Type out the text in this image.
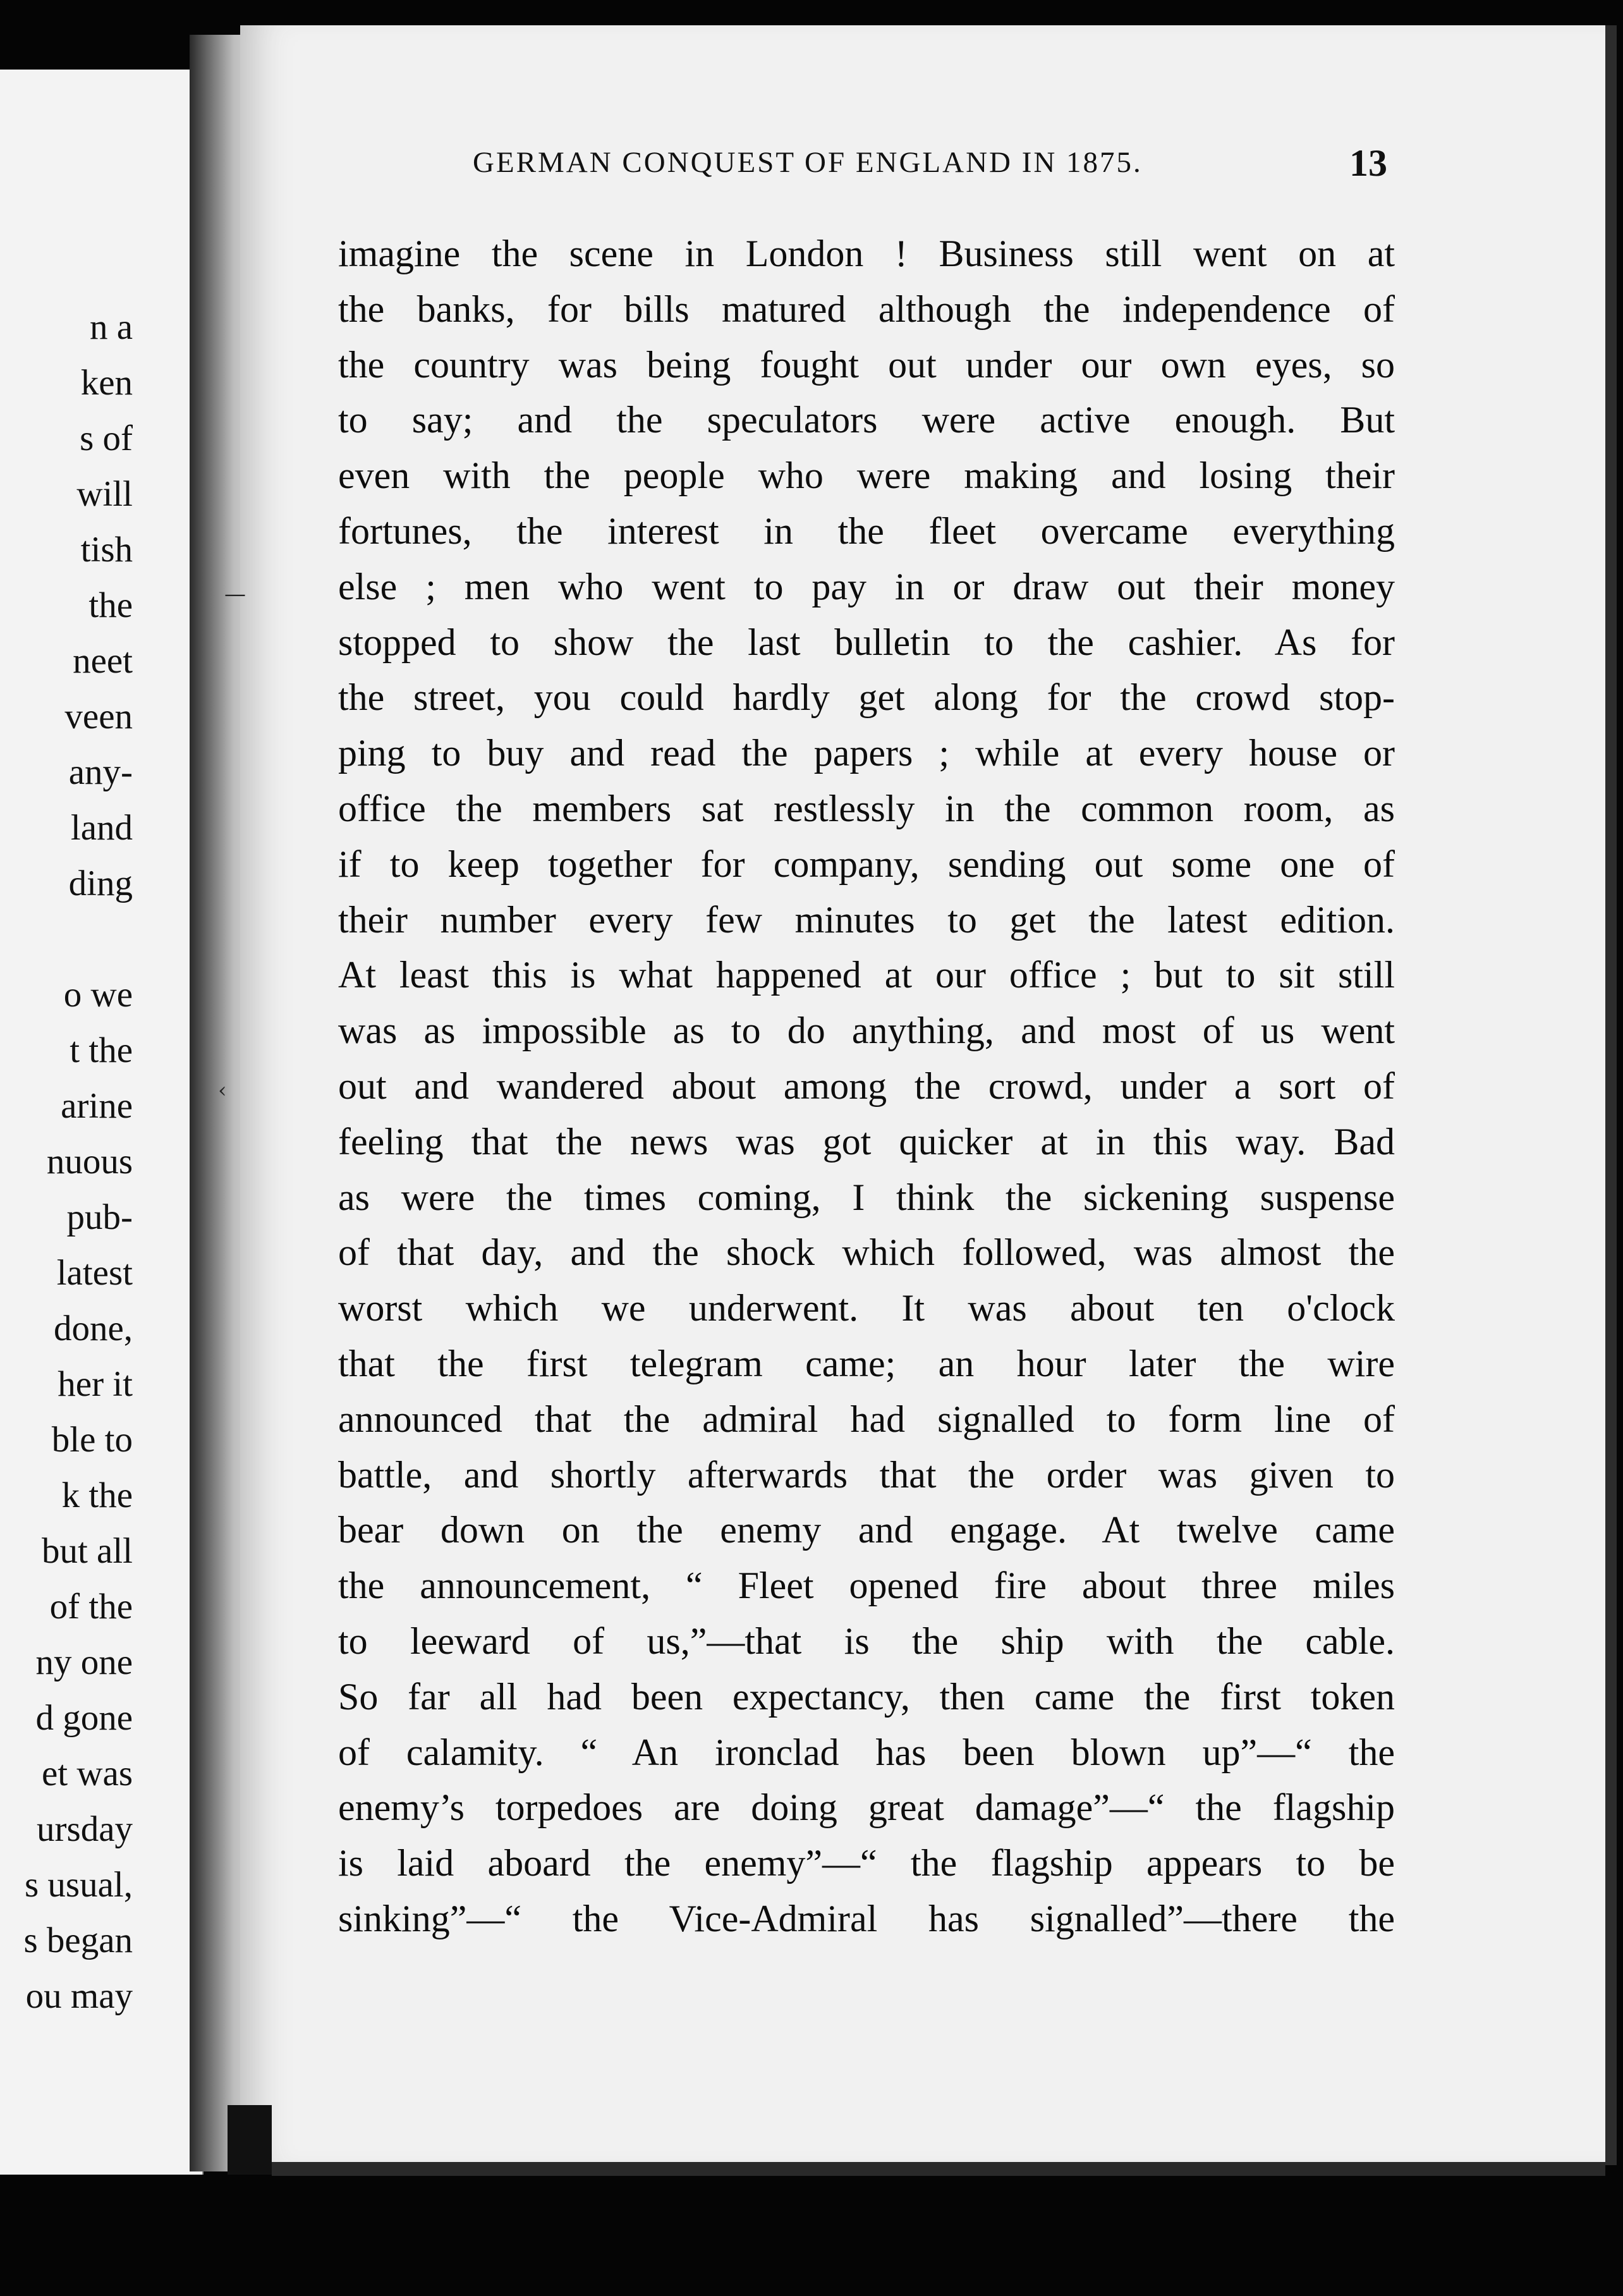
n a
ken
s of
will
tish
the
neet
veen
any-
land
ding
o we
t the
arine
nuous
pub-
latest
done,
her it
ble to
k the
but all
of the
ny one
d gone
et was
ursday
s usual,
s began
ou may
GERMAN CONQUEST OF ENGLAND IN 1875.	13
imagine the scene in London ! Business still went on at
the banks, for bills matured although the independence of
the country was being fought out under our own eyes, so
to say; and the speculators were active enough. But
even with the people who were making and losing their
fortunes, the interest in the fleet overcame everything
else ; men who went to pay in or draw out their money
stopped to show the last bulletin to the cashier. As for
the street, you could hardly get along for the crowd stop-
ping to buy and read the papers ; while at every house or
office the members sat restlessly in the common room, as
if to keep together for company, sending out some one of
their number every few minutes to get the latest edition.
At least this is what happened at our office ; but to sit still
was as impossible as to do anything, and most of us went
out and wandered about among the crowd, under a sort of
feeling that the news was got quicker at in this way. Bad
as were the times coming, I think the sickening suspense
of that day, and the shock which followed, was almost the
worst which we underwent. It was about ten o'clock
that the first telegram came; an hour later the wire
announced that the admiral had signalled to form line of
battle, and shortly afterwards that the order was given to
bear down on the enemy and engage. At twelve came
the announcement, “ Fleet opened fire about three miles
to leeward of us,”—that is the ship with the cable.
So far all had been expectancy, then came the first token
of calamity. “ An ironclad has been blown up”—“ the
enemy’s torpedoes are doing great damage”—“ the flagship
is laid aboard the enemy”—“ the flagship appears to be
sinking”—“ the Vice-Admiral has signalled”—there the
—
‹
